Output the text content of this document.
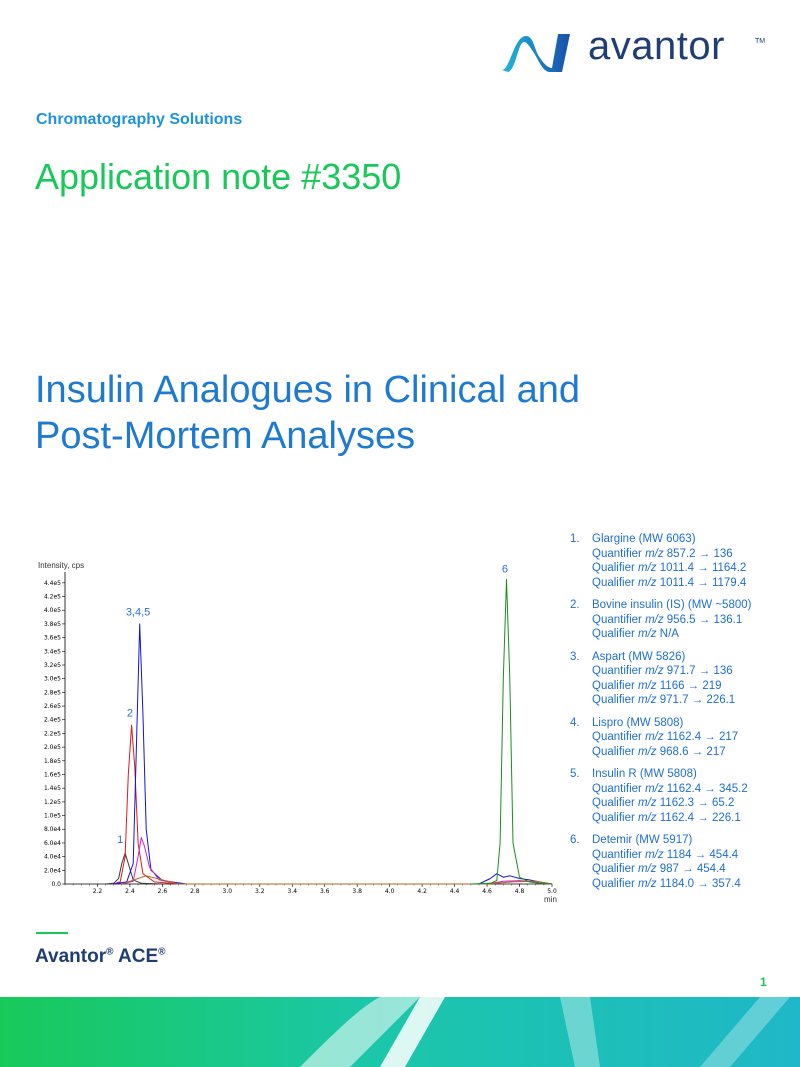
avantor	TM
Chromatography Solutions
Application note #3350
Insulin Analogues in Clinical and
Post-Mortem Analyses
0.0
2.0e4
4.0e4
6.0e4
8.0e4
1.0e5
1.2e5
1.4e5
1.6e5
1.8e5
2.0e5
2.2e5
2.4e5
2.6e5
2.8e5
3.0e5
3.2e5
3.4e5
3.6e5
3.8e5
4.0e5
4.2e5
4.4e5
2.2	2.4	2.6	2.8	3.0	3.2	3.4	3.6	3.8	4.0	4.2	4.4	4.6	4.8	5.0
Intensity, cps
min
1
2
3,4,5
6
1.	Glargine (MW 6063)
Quantifier m/z 857.2 → 136
Qualifier m/z 1011.4 → 1164.2
Qualifier m/z 1011.4 → 1179.4
2.	Bovine insulin (IS) (MW ~5800)
Quantifier m/z 956.5 → 136.1
Qualifier m/z N/A
3.	Aspart (MW 5826)
Quantifier m/z 971.7 → 136
Qualifier m/z 1166 → 219
Qualifier m/z 971.7 → 226.1
4.	Lispro (MW 5808)
Quantifier m/z 1162.4 → 217
Qualifier m/z 968.6 → 217
5.	Insulin R (MW 5808)
Quantifier m/z 1162.4 → 345.2
Qualifier m/z 1162.3 → 65.2
Qualifier m/z 1162.4 → 226.1
6.	Detemir (MW 5917)
Quantifier m/z 1184 → 454.4
Qualifier m/z 987 → 454.4
Qualifier m/z 1184.0 → 357.4
Avantor® ACE®
1
